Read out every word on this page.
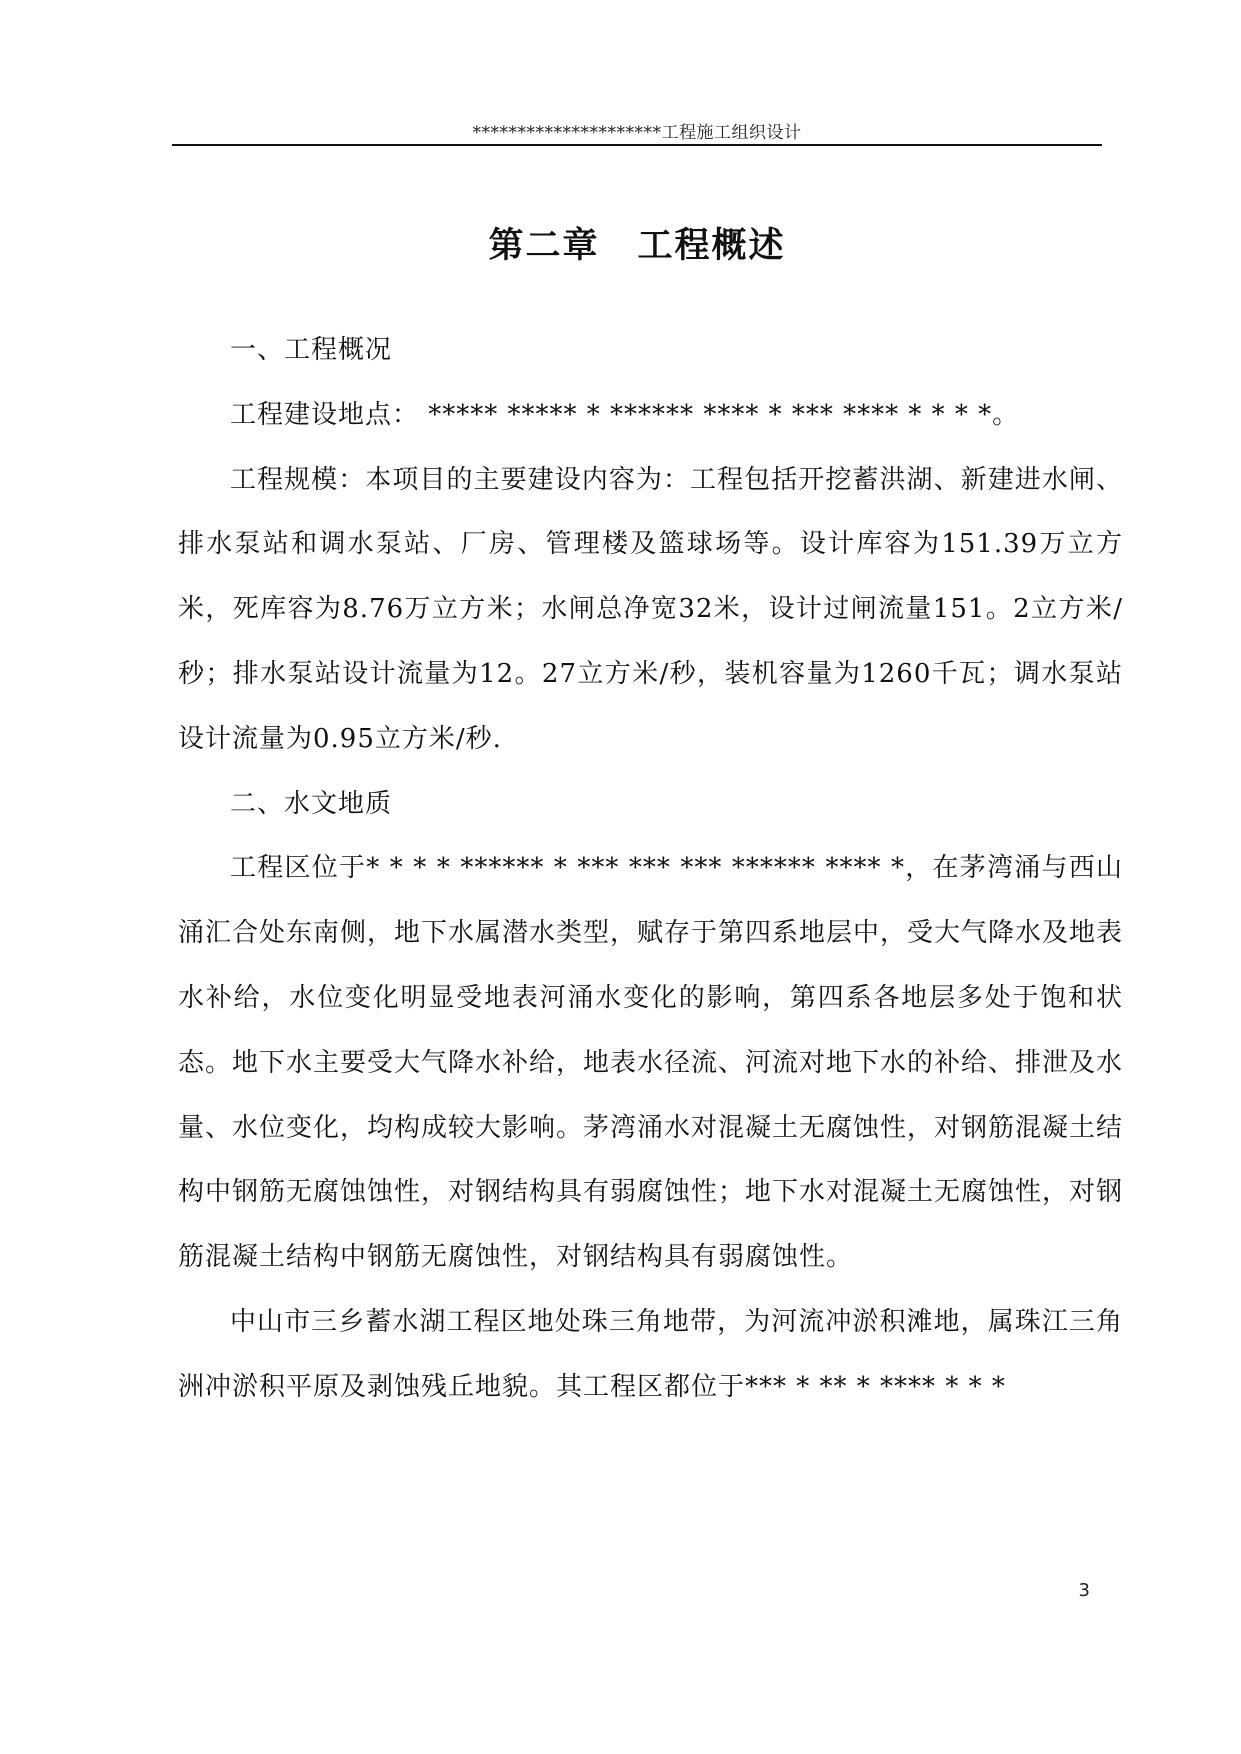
*********************工程施工组织设计
第二章 工程概述

一、工程概况

工程建设地点： ***** ***** * ****** **** * *** **** * * * *。

工程规模：本项目的主要建设内容为：工程包括开挖蓄洪湖、新建进水闸、排水泵站和调水泵站、厂房、管理楼及篮球场等。设计库容为151.39万立方米，死库容为8.76万立方米；水闸总净宽32米，设计过闸流量151。2立方米/秒；排水泵站设计流量为12。27立方米/秒，装机容量为1260千瓦；调水泵站设计流量为0.95立方米/秒.

二、水文地质

工程区位于* * * * ****** * *** *** *** ****** **** *，在茅湾涌与西山涌汇合处东南侧，地下水属潜水类型，赋存于第四系地层中，受大气降水及地表水补给，水位变化明显受地表河涌水变化的影响，第四系各地层多处于饱和状态。地下水主要受大气降水补给，地表水径流、河流对地下水的补给、排泄及水量、水位变化，均构成较大影响。茅湾涌水对混凝土无腐蚀性，对钢筋混凝土结构中钢筋无腐蚀蚀性，对钢结构具有弱腐蚀性；地下水对混凝土无腐蚀性，对钢筋混凝土结构中钢筋无腐蚀性，对钢结构具有弱腐蚀性。

中山市三乡蓄水湖工程区地处珠三角地带，为河流冲淤积滩地，属珠江三角洲冲淤积平原及剥蚀残丘地貌。其工程区都位于*** * ** * **** * * *

3
